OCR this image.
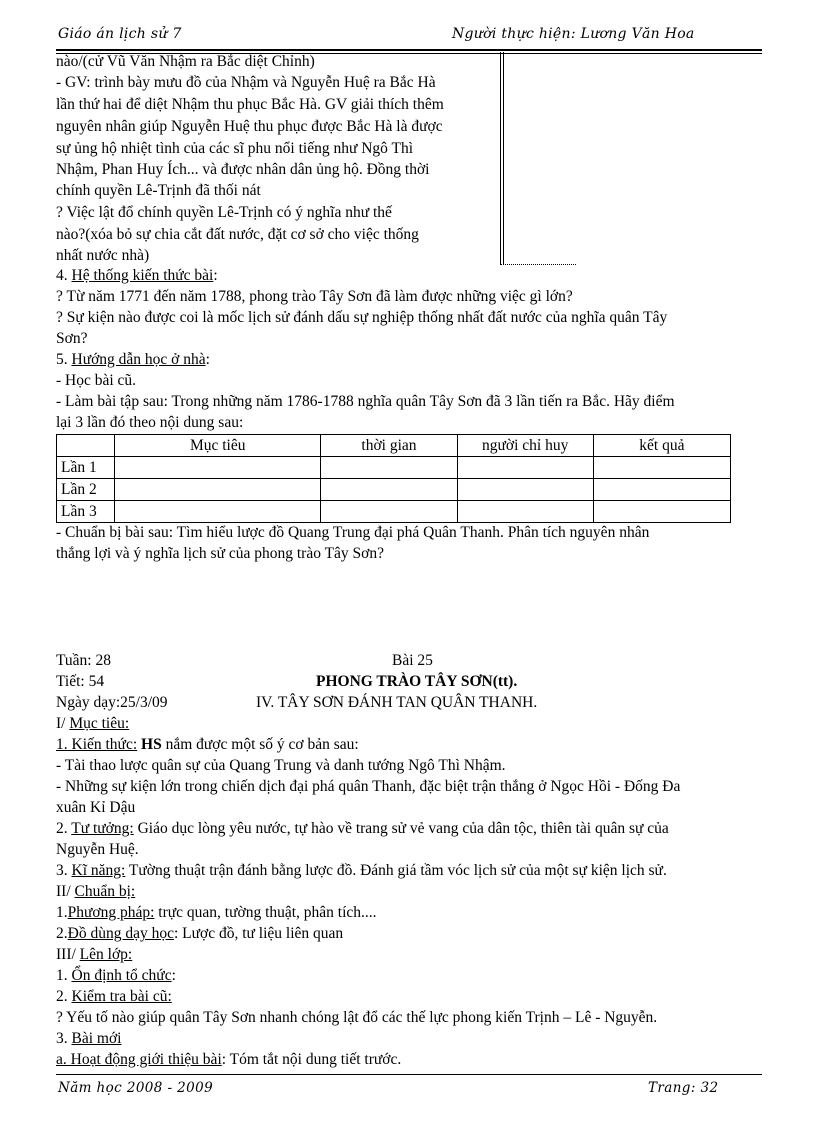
Giáo án lịch sử 7	Người thực hiện: Lương Văn Hoa
nào/(cử Vũ Văn Nhậm ra Bắc diệt Chỉnh)
- GV: trình bày mưu đồ của Nhậm và Nguyễn Huệ ra Bắc Hà
lần thứ hai để diệt Nhậm thu phục Bắc Hà. GV giải thích thêm
nguyên nhân giúp Nguyễn Huệ thu phục được Bắc Hà là được
sự ủng hộ nhiệt tình của các sĩ phu nổi tiếng như Ngô Thì
Nhậm, Phan Huy Ích... và được nhân dân ủng hộ. Đồng thời
chính quyền Lê-Trịnh đã thối nát
? Việc lật đổ chính quyền Lê-Trịnh có ý nghĩa như thế
nào?(xóa bỏ sự chia cắt đất nước, đặt cơ sở cho việc thống
nhất nước nhà)
4. Hệ thống kiến thức bài:
? Từ năm 1771 đến năm 1788, phong trào Tây Sơn đã làm được những việc gì lớn?
? Sự kiện nào được coi là mốc lịch sử đánh dấu sự nghiệp thống nhất đất nước của nghĩa quân Tây
Sơn?
5. Hướng dẫn học ở nhà:
- Học bài cũ.
- Làm bài tập sau: Trong những năm 1786-1788 nghĩa quân Tây Sơn đã 3 lần tiến ra Bắc. Hãy điểm
lại 3 lần đó theo nội dung sau:
	Mục tiêu	thời gian	người chỉ huy	kết quả
Lần 1				
Lần 2				
Lần 3				
- Chuẩn bị bài sau: Tìm hiểu lược đồ Quang Trung đại phá Quân Thanh. Phân tích nguyên nhân
thắng lợi và ý nghĩa lịch sử của phong trào Tây Sơn?
Tuần: 28	Bài 25
Tiết: 54	PHONG TRÀO TÂY SƠN(tt).
Ngày dạy:25/3/09	IV. TÂY SƠN ĐÁNH TAN QUÂN THANH.
I/ Mục tiêu:
1. Kiến thức: HS nắm được một số ý cơ bản sau:
- Tài thao lược quân sự của Quang Trung và danh tướng Ngô Thì Nhậm.
- Những sự kiện lớn trong chiến dịch đại phá quân Thanh, đặc biệt trận thắng ở Ngọc Hồi - Đống Đa
xuân Kỉ Dậu
2. Tư tưởng: Giáo dục lòng yêu nước, tự hào về trang sử vẻ vang của dân tộc, thiên tài quân sự của
Nguyễn Huệ.
3. Kĩ năng: Tường thuật trận đánh bằng lược đồ. Đánh giá tầm vóc lịch sử của một sự kiện lịch sử.
II/ Chuẩn bị:
1.Phương pháp: trực quan, tường thuật, phân tích....
2.Đồ dùng dạy học: Lược đồ, tư liệu liên quan
III/ Lên lớp:
1. Ổn định tổ chức:
2. Kiểm tra bài cũ:
? Yếu tố nào giúp quân Tây Sơn nhanh chóng lật đổ các thế lực phong kiến Trịnh – Lê - Nguyễn.
3. Bài mới
a. Hoạt động giới thiệu bài: Tóm tắt nội dung tiết trước.
Năm học 2008 - 2009	Trang: 32
